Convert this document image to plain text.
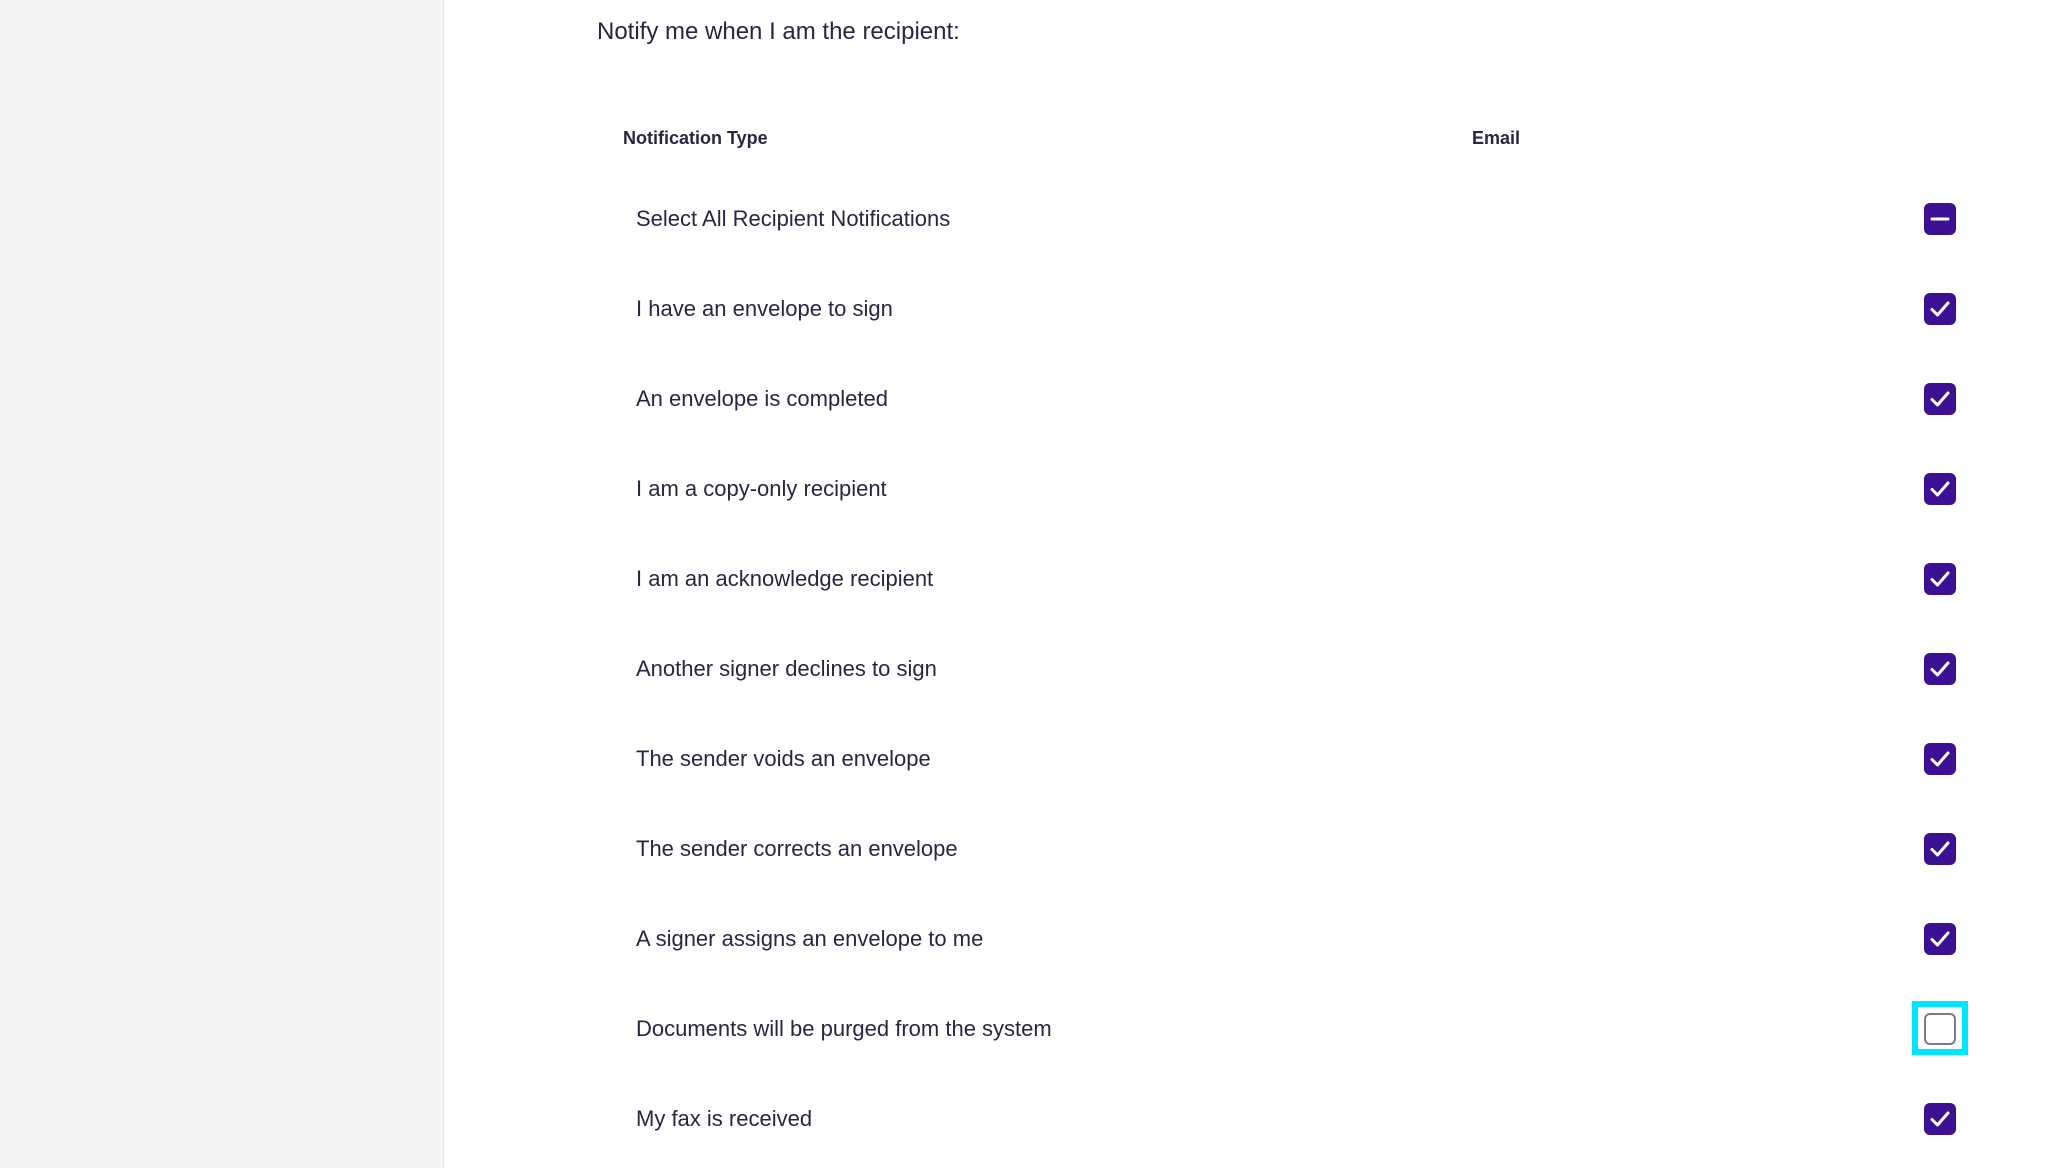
Notify me when I am the recipient:
Notification Type	Email
Select All Recipient Notifications
I have an envelope to sign
An envelope is completed
I am a copy-only recipient
I am an acknowledge recipient
Another signer declines to sign
The sender voids an envelope
The sender corrects an envelope
A signer assigns an envelope to me
Documents will be purged from the system
My fax is received
